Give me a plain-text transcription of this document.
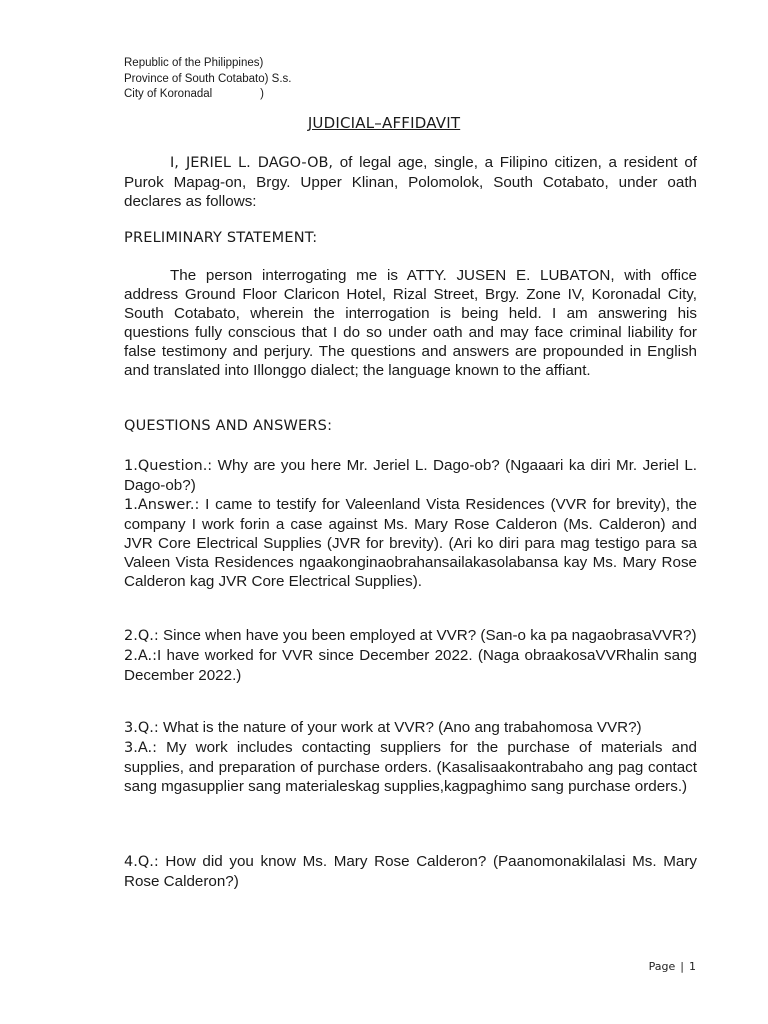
Republic of the Philippines)
Province of South Cotabato) S.s.
City of Koronadal               )
JUDICIAL–AFFIDAVIT
I, JERIEL L. DAGO-OB, of legal age, single, a Filipino citizen, a resident of Purok Mapag-on, Brgy. Upper Klinan, Polomolok, South Cotabato, under oath declares as follows:
PRELIMINARY STATEMENT:
The person interrogating me is ATTY. JUSEN E. LUBATON, with office address Ground Floor Claricon Hotel, Rizal Street, Brgy. Zone IV, Koronadal City, South Cotabato, wherein the interrogation is being held. I am answering his questions fully conscious that I do so under oath and may face criminal liability for false testimony and perjury. The questions and answers are propounded in English and translated into Illonggo dialect; the language known to the affiant.
QUESTIONS AND ANSWERS:

1.Question.: Why are you here Mr. Jeriel L. Dago-ob? (Ngaaari ka diri Mr. Jeriel L. Dago-ob?)

1.Answer.: I came to testify for Valeenland Vista Residences (VVR for brevity), the company I work forin a case against Ms. Mary Rose Calderon (Ms. Calderon) and JVR Core Electrical Supplies (JVR for brevity). (Ari ko diri para mag testigo para sa Valeen Vista Residences ngaakonginaobrahansailakasolabansa kay Ms. Mary Rose Calderon kag JVR Core Electrical Supplies).

2.Q.: Since when have you been employed at VVR? (San-o ka pa nagaobrasaVVR?)

2.A.:I have worked for VVR since December 2022. (Naga obraakosaVVRhalin sang December 2022.)

3.Q.: What is the nature of your work at VVR? (Ano ang trabahomosa VVR?)

3.A.: My work includes contacting suppliers for the purchase of materials and supplies, and preparation of purchase orders. (Kasalisaakontrabaho ang pag contact sang mgasupplier sang materialeskag supplies,kagpaghimo sang purchase orders.)

4.Q.: How did you know Ms. Mary Rose Calderon? (Paanomonakilalasi Ms. Mary Rose Calderon?)

Page | 1
